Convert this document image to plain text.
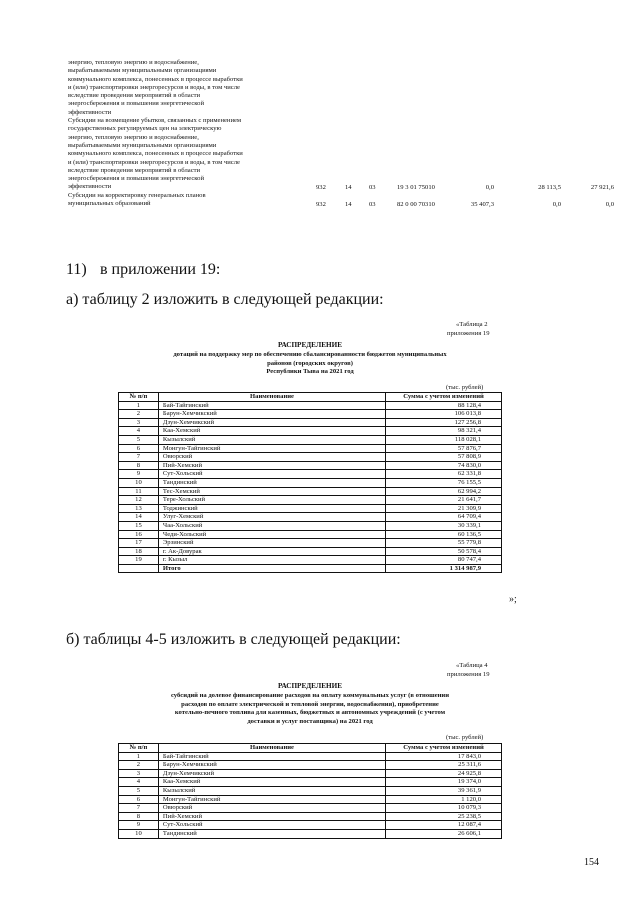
энергию, тепловую энергию и водоснабжение,
вырабатываемыми муниципальными организациями
коммунального комплекса, понесенных в процессе выработки
и (или) транспортировки энергоресурсов и воды, в том числе
вследствие проведения мероприятий в области
энергосбережения и повышения энергетической
эффективности
Субсидии на возмещение убытков, связанных с применением
государственных регулируемых цен на электрическую
энергию, тепловую энергию и водоснабжение,
вырабатываемыми муниципальными организациями
коммунального комплекса, понесенных в процессе выработки
и (или) транспортировки энергоресурсов и воды, в том числе
вследствие проведения мероприятий в области
энергосбережения и повышения энергетической
эффективности
Субсидии на корректировку генеральных планов
муниципальных образований
932	14	03	19 3 01 75010	0,0	28 113,5	27 921,6
932	14	03	82 0 00 70310	35 407,3	0,0	0,0
11) в приложении 19:
а) таблицу 2 изложить в следующей редакции:
«Таблица 2
приложения 19
РАСПРЕДЕЛЕНИЕ
дотаций на поддержку мер по обеспечению сбалансированности бюджетов муниципальных
районов (городских округов)
Республики Тыва на 2021 год
(тыс. рублей)
№ п/п	Наименование	Сумма с учетом изменений
1	Бай-Тайгинский	88 128,4
2	Барун-Хемчикский	106 013,8
3	Дзун-Хемчикский	127 256,8
4	Каа-Хемский	98 321,4
5	Кызылский	118 028,1
6	Монгун-Тайгинский	57 876,7
7	Овюрский	57 808,9
8	Пий-Хемский	74 830,0
9	Сут-Хольский	62 331,8
10	Тандинский	76 155,5
11	Тес-Хемский	62 994,2
12	Тере-Хольский	21 641,7
13	Тоджинский	21 309,9
14	Улуг-Хемский	64 709,4
15	Чаа-Хольский	30 339,1
16	Чеди-Хольский	60 136,5
17	Эрзинский	55 779,8
18	г. Ак-Довурак	50 578,4
19	г. Кызыл	80 747,4
	Итого	1 314 987,9
»;
б) таблицы 4-5 изложить в следующей редакции:
«Таблица 4
приложения 19
РАСПРЕДЕЛЕНИЕ
субсидий на долевое финансирование расходов на оплату коммунальных услуг (в отношении
расходов по оплате электрической и тепловой энергии, водоснабжения), приобретение
котельно-печного топлива для казенных, бюджетных и автономных учреждений (с учетом
доставки и услуг поставщика) на 2021 год
(тыс. рублей)
№ п/п	Наименование	Сумма с учетом изменений
1	Бай-Тайгинский	17 843,0
2	Барун-Хемчикский	25 311,6
3	Дзун-Хемчикский	24 925,8
4	Каа-Хемский	19 374,0
5	Кызылский	39 361,9
6	Монгун-Тайгинский	1 120,0
7	Овюрский	10 079,3
8	Пий-Хемский	25 238,5
9	Сут-Хольский	12 087,4
10	Тандинский	26 606,1
154
